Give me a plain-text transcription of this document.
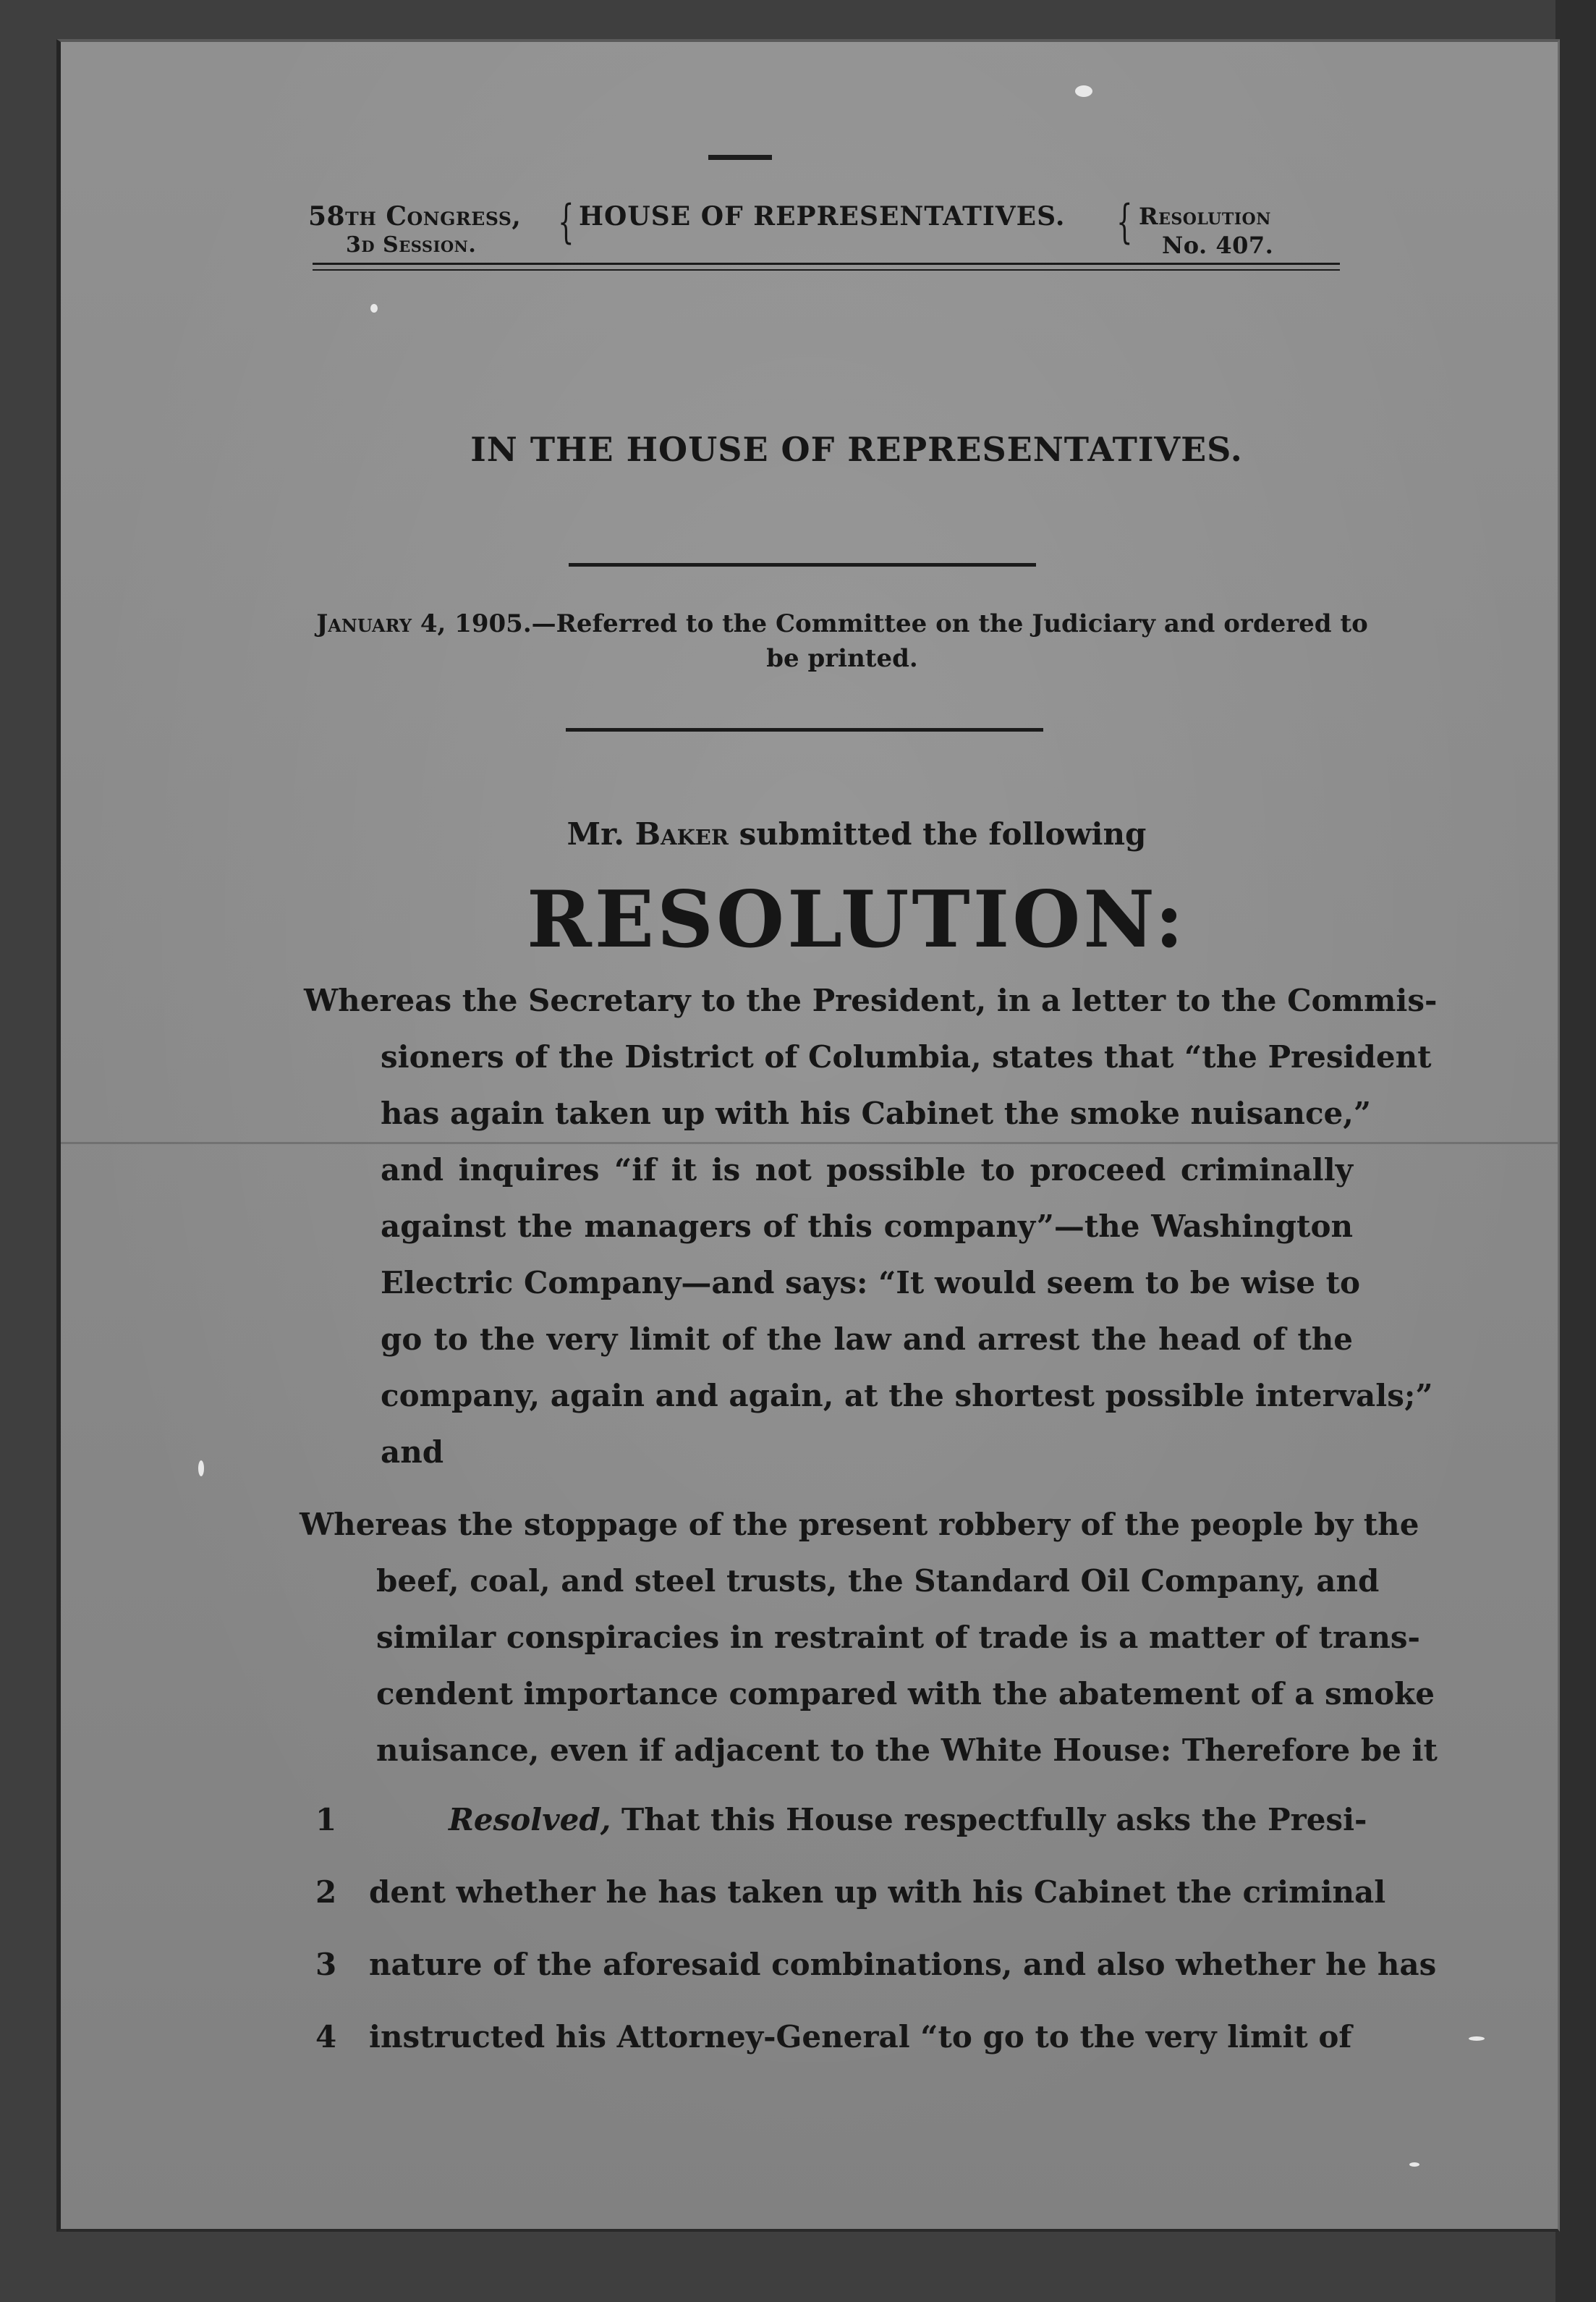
58th Congress,
3d Session. { HOUSE OF REPRESENTATIVES. { Resolution
No. 407.
IN THE HOUSE OF REPRESENTATIVES.
January 4, 1905.—Referred to the Committee on the Judiciary and ordered to
be printed.
Mr. Baker submitted the following
RESOLUTION:
Whereas the Secretary to the President, in a letter to the Commis-
sioners of the District of Columbia, states that “the President
has again taken up with his Cabinet the smoke nuisance,”
and inquires “if it is not possible to proceed criminally
against the managers of this company”—the Washington
Electric Company—and says: “It would seem to be wise to
go to the very limit of the law and arrest the head of the
company, again and again, at the shortest possible intervals;”
and
Whereas the stoppage of the present robbery of the people by the
beef, coal, and steel trusts, the Standard Oil Company, and
similar conspiracies in restraint of trade is a matter of trans-
cendent importance compared with the abatement of a smoke
nuisance, even if adjacent to the White House: Therefore be it
1
2
3
4
Resolved, That this House respectfully asks the Presi-
dent whether he has taken up with his Cabinet the criminal
nature of the aforesaid combinations, and also whether he has
instructed his Attorney-General “to go to the very limit of
